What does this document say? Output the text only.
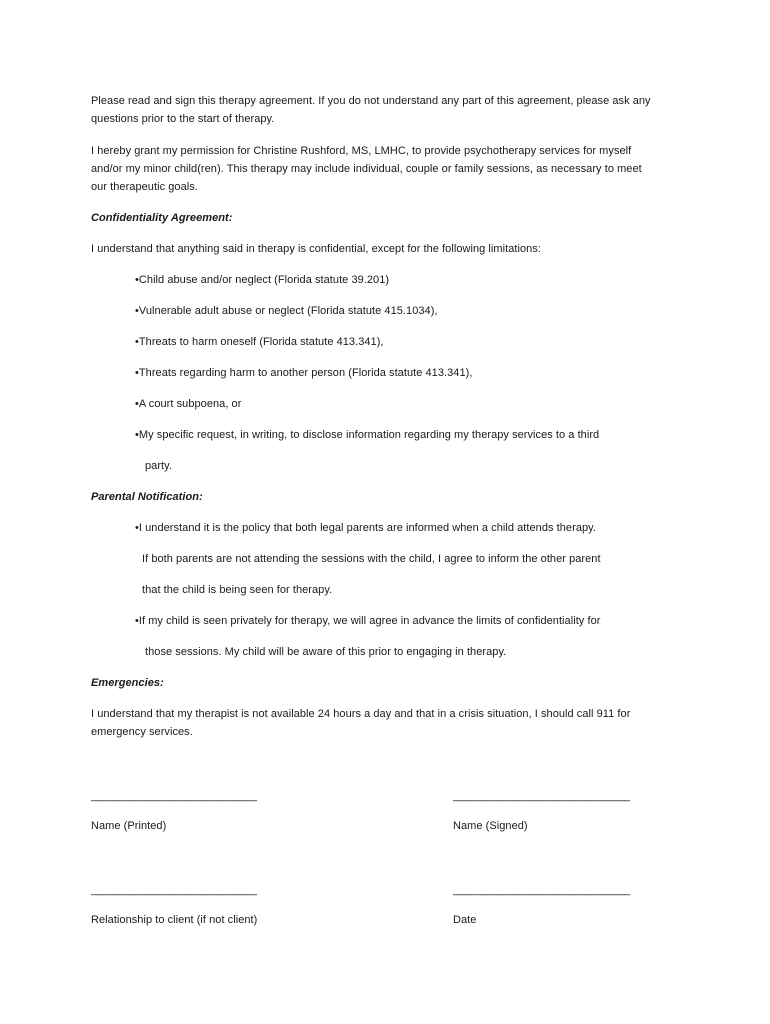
Please read and sign this therapy agreement. If you do not understand any part of this agreement, please ask any
questions prior to the start of therapy.
I hereby grant my permission for Christine Rushford, MS, LMHC, to provide psychotherapy services for myself
and/or my minor child(ren). This therapy may include individual, couple or family sessions, as necessary to meet
our therapeutic goals.
Confidentiality Agreement:
I understand that anything said in therapy is confidential, except for the following limitations:
•Child abuse and/or neglect (Florida statute 39.201)
•Vulnerable adult abuse or neglect (Florida statute 415.1034),
•Threats to harm oneself (Florida statute 413.341),
•Threats regarding harm to another person (Florida statute 413.341),
•A court subpoena, or
•My specific request, in writing, to disclose information regarding my therapy services to a third
party.
Parental Notification:
•I understand it is the policy that both legal parents are informed when a child attends therapy.
If both parents are not attending the sessions with the child, I agree to inform the other parent
that the child is being seen for therapy.
•If my child is seen privately for therapy, we will agree in advance the limits of confidentiality for
those sessions. My child will be aware of this prior to engaging in therapy.
Emergencies:
I understand that my therapist is not available 24 hours a day and that in a crisis situation, I should call 911 for
emergency services.
______________________________	________________________________
Name (Printed)	Name (Signed)
______________________________	________________________________
Relationship to client (if not client)	Date
